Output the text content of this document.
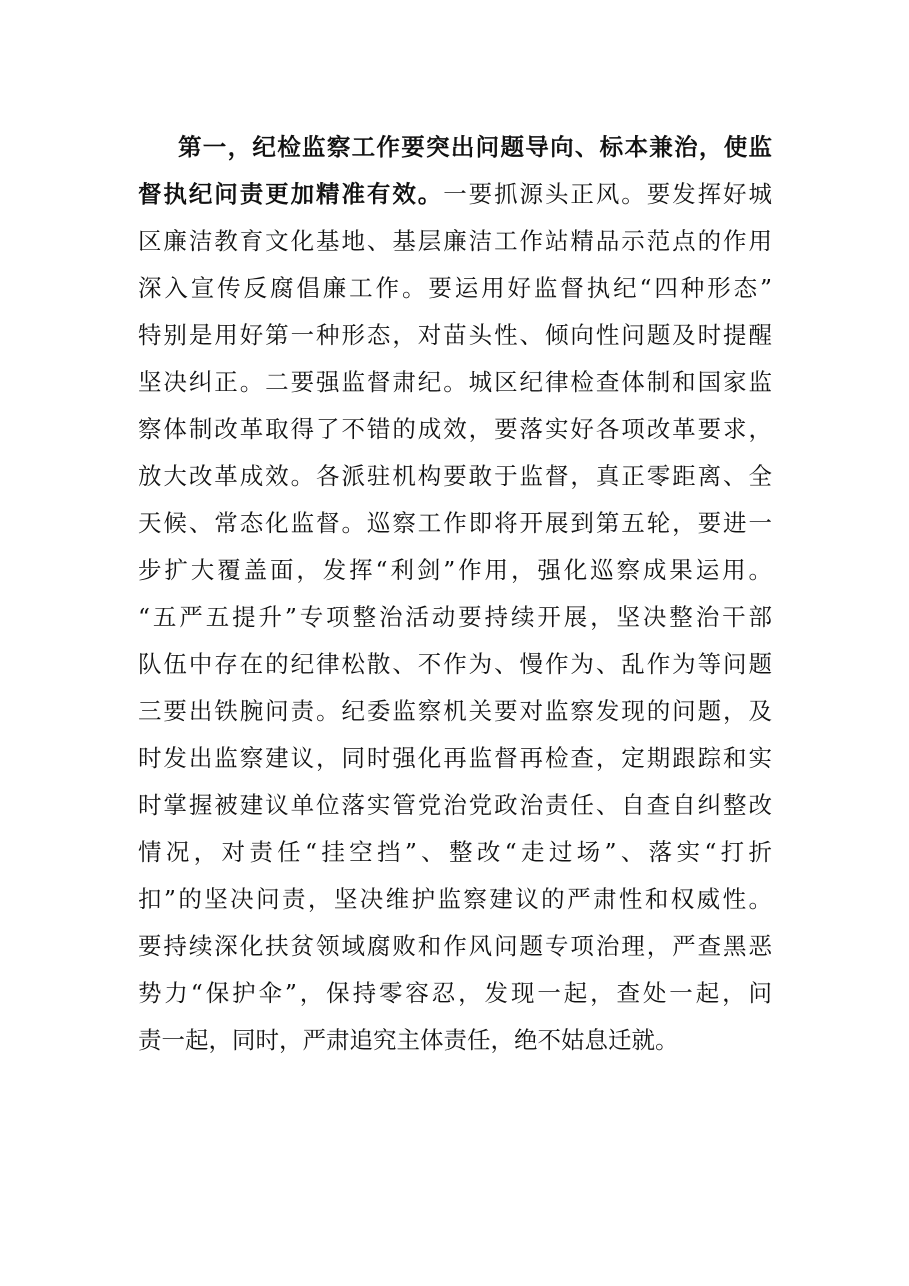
第一，纪检监察工作要突出问题导向、标本兼治，使监
督执纪问责更加精准有效。一要抓源头正风。要发挥好城
区廉洁教育文化基地、基层廉洁工作站精品示范点的作用
深入宣传反腐倡廉工作。要运用好监督执纪“四种形态”
特别是用好第一种形态，对苗头性、倾向性问题及时提醒
坚决纠正。二要强监督肃纪。城区纪律检查体制和国家监
察体制改革取得了不错的成效，要落实好各项改革要求，
放大改革成效。各派驻机构要敢于监督，真正零距离、全
天候、常态化监督。巡察工作即将开展到第五轮，要进一
步扩大覆盖面，发挥“利剑”作用，强化巡察成果运用。
“五严五提升”专项整治活动要持续开展，坚决整治干部
队伍中存在的纪律松散、不作为、慢作为、乱作为等问题
三要出铁腕问责。纪委监察机关要对监察发现的问题，及
时发出监察建议，同时强化再监督再检查，定期跟踪和实
时掌握被建议单位落实管党治党政治责任、自查自纠整改
情况，对责任“挂空挡”、整改“走过场”、落实“打折
扣”的坚决问责，坚决维护监察建议的严肃性和权威性。
要持续深化扶贫领域腐败和作风问题专项治理，严查黑恶
势力“保护伞”，保持零容忍，发现一起，查处一起，问
责一起，同时，严肃追究主体责任，绝不姑息迁就。
